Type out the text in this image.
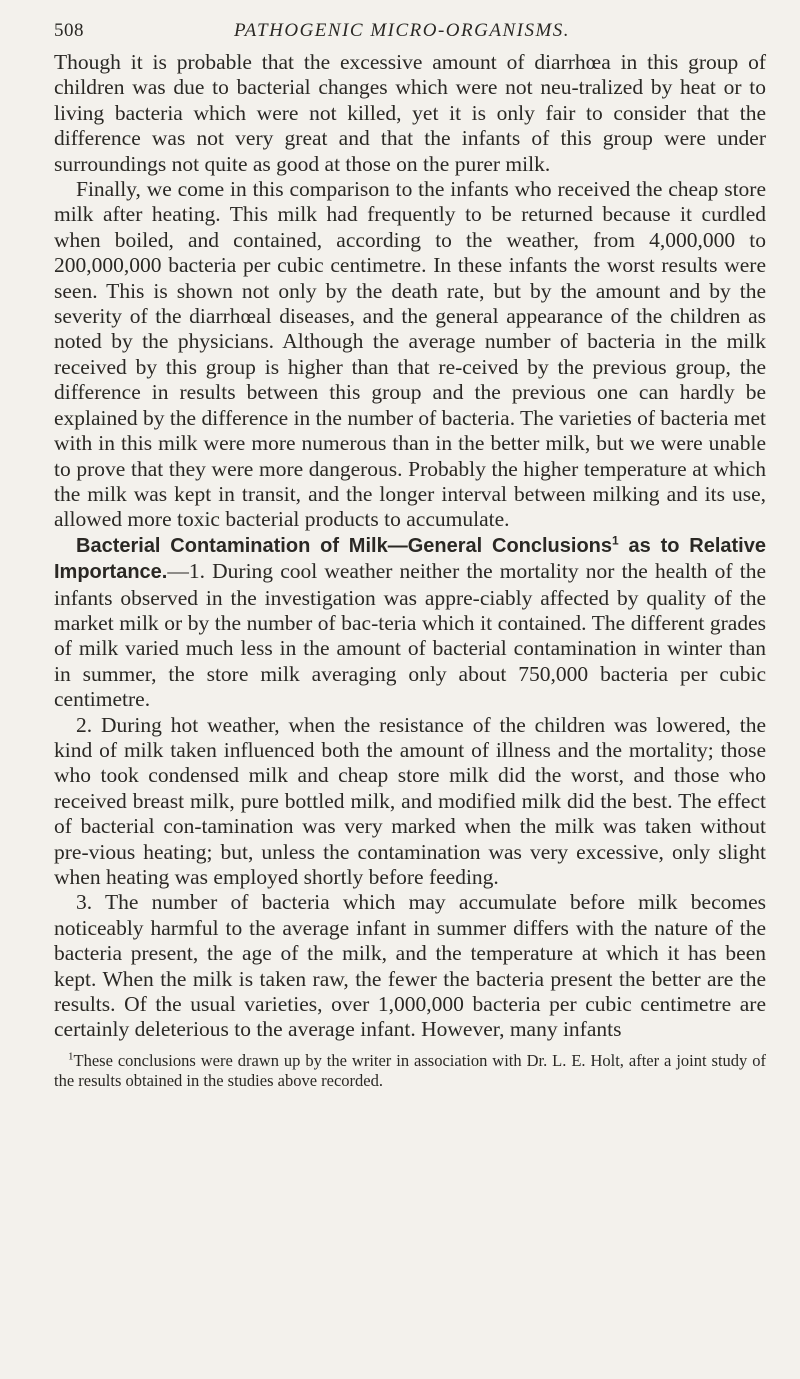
508	PATHOGENIC MICRO-ORGANISMS.

Though it is probable that the excessive amount of diarrhœa in this group of children was due to bacterial changes which were not neu-tralized by heat or to living bacteria which were not killed, yet it is only fair to consider that the difference was not very great and that the infants of this group were under surroundings not quite as good at those on the purer milk.

Finally, we come in this comparison to the infants who received the cheap store milk after heating. This milk had frequently to be returned because it curdled when boiled, and contained, according to the weather, from 4,000,000 to 200,000,000 bacteria per cubic centimetre. In these infants the worst results were seen. This is shown not only by the death rate, but by the amount and by the severity of the diarrhœal diseases, and the general appearance of the children as noted by the physicians. Although the average number of bacteria in the milk received by this group is higher than that re-ceived by the previous group, the difference in results between this group and the previous one can hardly be explained by the difference in the number of bacteria. The varieties of bacteria met with in this milk were more numerous than in the better milk, but we were unable to prove that they were more dangerous. Probably the higher temperature at which the milk was kept in transit, and the longer interval between milking and its use, allowed more toxic bacterial products to accumulate.

Bacterial Contamination of Milk—General Conclusions$^1$ as to Relative Importance.—1. During cool weather neither the mortality nor the health of the infants observed in the investigation was appre-ciably affected by quality of the market milk or by the number of bac-teria which it contained. The different grades of milk varied much less in the amount of bacterial contamination in winter than in summer, the store milk averaging only about 750,000 bacteria per cubic centimetre.

2. During hot weather, when the resistance of the children was lowered, the kind of milk taken influenced both the amount of illness and the mortality; those who took condensed milk and cheap store milk did the worst, and those who received breast milk, pure bottled milk, and modified milk did the best. The effect of bacterial con-tamination was very marked when the milk was taken without pre-vious heating; but, unless the contamination was very excessive, only slight when heating was employed shortly before feeding.

3. The number of bacteria which may accumulate before milk becomes noticeably harmful to the average infant in summer differs with the nature of the bacteria present, the age of the milk, and the temperature at which it has been kept. When the milk is taken raw, the fewer the bacteria present the better are the results. Of the usual varieties, over 1,000,000 bacteria per cubic centimetre are certainly deleterious to the average infant. However, many infants

$^1$These conclusions were drawn up by the writer in association with Dr. L. E. Holt, after a joint study of the results obtained in the studies above recorded.
